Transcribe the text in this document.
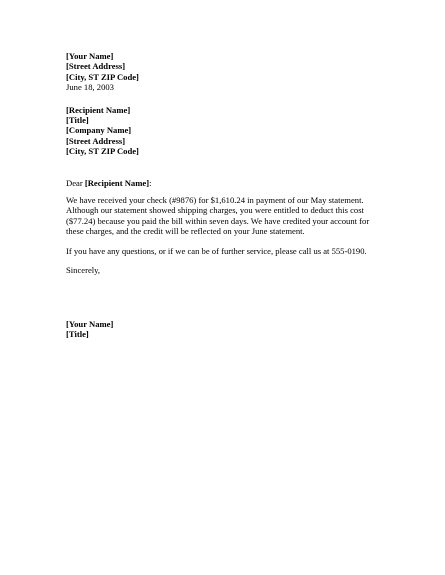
[Your Name]
[Street Address]
[City, ST ZIP Code]
June 18, 2003
[Recipient Name]
[Title]
[Company Name]
[Street Address]
[City, ST ZIP Code]
Dear [Recipient Name]:
We have received your check (#9876) for $1,610.24 in payment of our May statement. Although our statement showed shipping charges, you were entitled to deduct this cost ($77.24) because you paid the bill within seven days. We have credited your account for these charges, and the credit will be reflected on your June statement.
If you have any questions, or if we can be of further service, please call us at 555-0190.
Sincerely,
[Your Name]
[Title]
